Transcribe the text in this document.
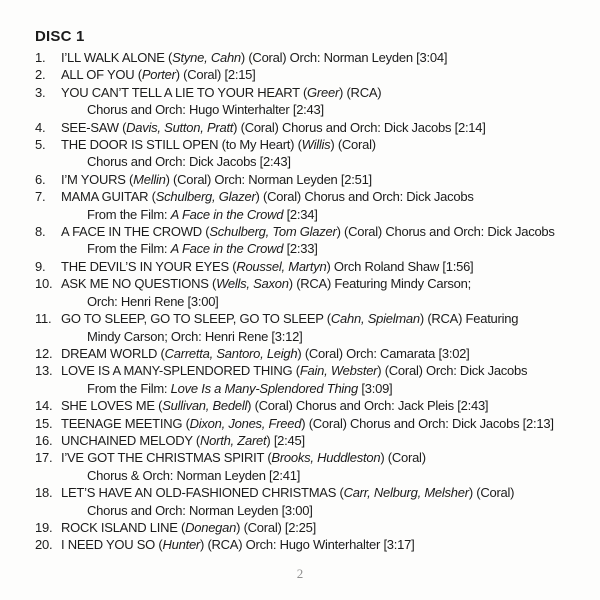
DISC 1
1.	I’LL WALK ALONE (Styne, Cahn) (Coral) Orch: Norman Leyden [3:04]
2.	ALL OF YOU (Porter) (Coral) [2:15]
3.	YOU CAN’T TELL A LIE TO YOUR HEART (Greer) (RCA)
Chorus and Orch: Hugo Winterhalter [2:43]
4.	SEE-SAW (Davis, Sutton, Pratt) (Coral) Chorus and Orch: Dick Jacobs [2:14]
5.	THE DOOR IS STILL OPEN (to My Heart) (Willis) (Coral)
Chorus and Orch: Dick Jacobs [2:43]
6.	I’M YOURS (Mellin) (Coral) Orch: Norman Leyden [2:51]
7.	MAMA GUITAR (Schulberg, Glazer) (Coral) Chorus and Orch: Dick Jacobs
From the Film: A Face in the Crowd [2:34]
8.	A FACE IN THE CROWD (Schulberg, Tom Glazer) (Coral) Chorus and Orch: Dick Jacobs
From the Film: A Face in the Crowd [2:33]
9.	THE DEVIL’S IN YOUR EYES (Roussel, Martyn) Orch Roland Shaw [1:56]
10. ASK ME NO QUESTIONS (Wells, Saxon) (RCA) Featuring Mindy Carson;
Orch: Henri Rene [3:00]
11. GO TO SLEEP, GO TO SLEEP, GO TO SLEEP (Cahn, Spielman) (RCA) Featuring
Mindy Carson; Orch: Henri Rene [3:12]
12. DREAM WORLD (Carretta, Santoro, Leigh) (Coral) Orch: Camarata [3:02]
13. LOVE IS A MANY-SPLENDORED THING (Fain, Webster) (Coral) Orch: Dick Jacobs
From the Film: Love Is a Many-Splendored Thing [3:09]
14. SHE LOVES ME (Sullivan, Bedell) (Coral) Chorus and Orch: Jack Pleis [2:43]
15. TEENAGE MEETING (Dixon, Jones, Freed) (Coral) Chorus and Orch: Dick Jacobs [2:13]
16. UNCHAINED MELODY (North, Zaret) [2:45]
17. I’VE GOT THE CHRISTMAS SPIRIT (Brooks, Huddleston) (Coral)
Chorus & Orch: Norman Leyden [2:41]
18. LET’S HAVE AN OLD-FASHIONED CHRISTMAS (Carr, Nelburg, Melsher) (Coral)
Chorus and Orch: Norman Leyden [3:00]
19. ROCK ISLAND LINE (Donegan) (Coral) [2:25]
20. I NEED YOU SO (Hunter) (RCA) Orch: Hugo Winterhalter [3:17]
2
